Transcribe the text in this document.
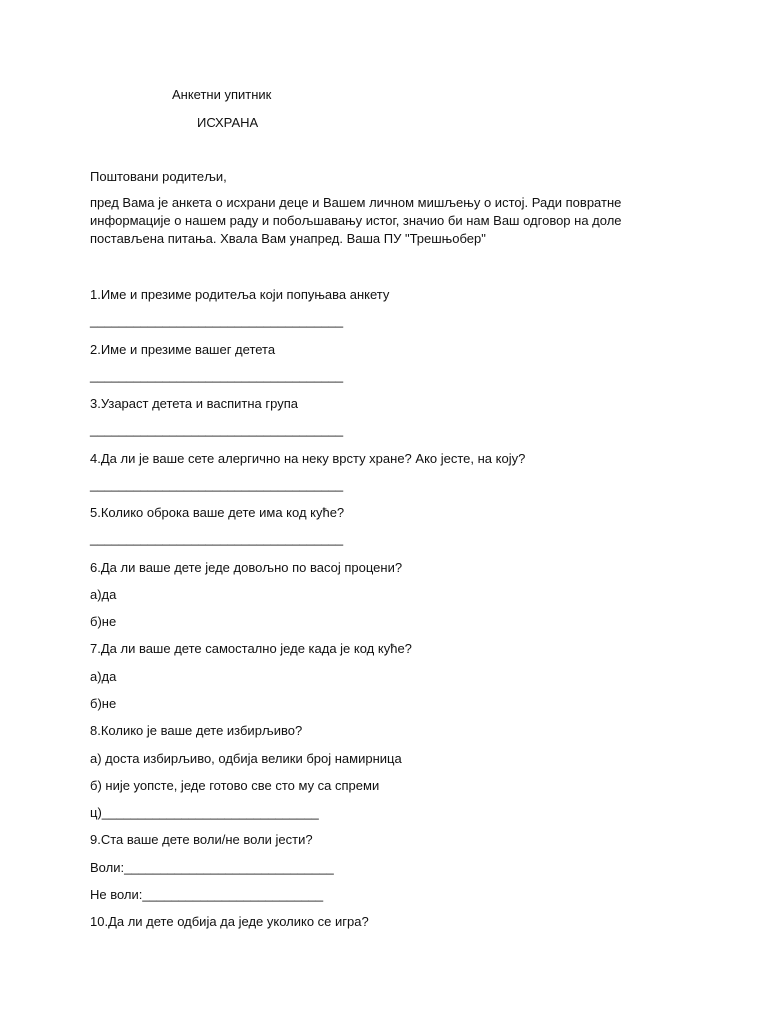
Анкетни упитник
ИСХРАНА
Поштовани родитељи,
пред Вама је анкета о исхрани деце и Вашем личном мишљењу о истој. Ради повратне
информације о нашем раду и побољшавању истог, значио би нам Ваш одговор на доле
постављена питања. Хвала Вам унапред. Ваша ПУ "Трешњобер"
1.Име и презиме родитеља који попуњава анкету
___________________________________
2.Име и презиме вашег детета
___________________________________
3.Узараст детета и васпитна група
___________________________________
4.Да ли је ваше сете алергично на неку врсту хране? Ако јесте, на коју?
___________________________________
5.Колико оброка ваше дете има код куће?
___________________________________
6.Да ли ваше дете једе довољно по васој процени?
а)да
б)не
7.Да ли ваше дете самостално једе када је код куће?
а)да
б)не
8.Колико је ваше дете избирљиво?
а) доста избирљиво, одбија велики број намирница
б) није уопсте, једе готово све сто му са спреми
ц)______________________________
9.Ста ваше дете воли/не воли јести?
Воли:_____________________________
Не воли:_________________________
10.Да ли дете одбија да једе уколико се игра?
